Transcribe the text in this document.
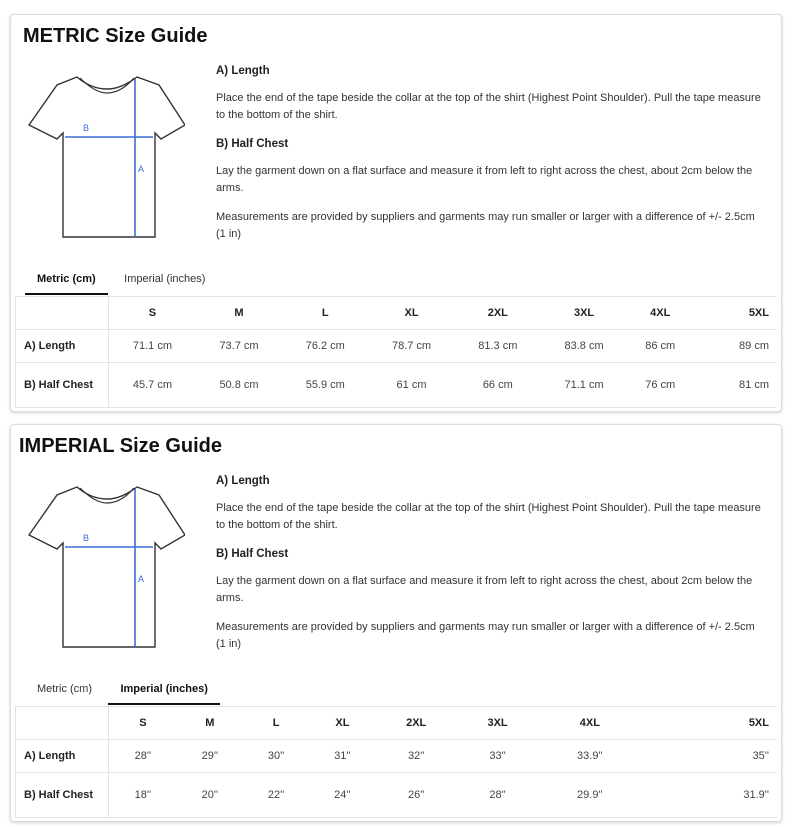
METRIC Size Guide
B
A
A) Length

Place the end of the tape beside the collar at the top of the shirt (Highest Point Shoulder). Pull the tape measure to the bottom of the shirt.

B) Half Chest

Lay the garment down on a flat surface and measure it from left to right across the chest, about 2cm below the arms.

Measurements are provided by suppliers and garments may run smaller or larger with a difference of +/- 2.5cm (1 in)

Metric (cm)	Imperial (inches)
	S	M	L	XL	2XL	3XL	4XL	5XL
A) Length	71.1 cm	73.7 cm	76.2 cm	78.7 cm	81.3 cm	83.8 cm	86 cm	89 cm
B) Half Chest	45.7 cm	50.8 cm	55.9 cm	61 cm	66 cm	71.1 cm	76 cm	81 cm
IMPERIAL Size Guide
B
A
A) Length

Place the end of the tape beside the collar at the top of the shirt (Highest Point Shoulder). Pull the tape measure to the bottom of the shirt.

B) Half Chest

Lay the garment down on a flat surface and measure it from left to right across the chest, about 2cm below the arms.

Measurements are provided by suppliers and garments may run smaller or larger with a difference of +/- 2.5cm (1 in)

Metric (cm)	Imperial (inches)
	S	M	L	XL	2XL	3XL	4XL	5XL
A) Length	28''	29''	30''	31''	32''	33''	33.9''	35''
B) Half Chest	18''	20''	22''	24''	26''	28''	29.9''	31.9''
